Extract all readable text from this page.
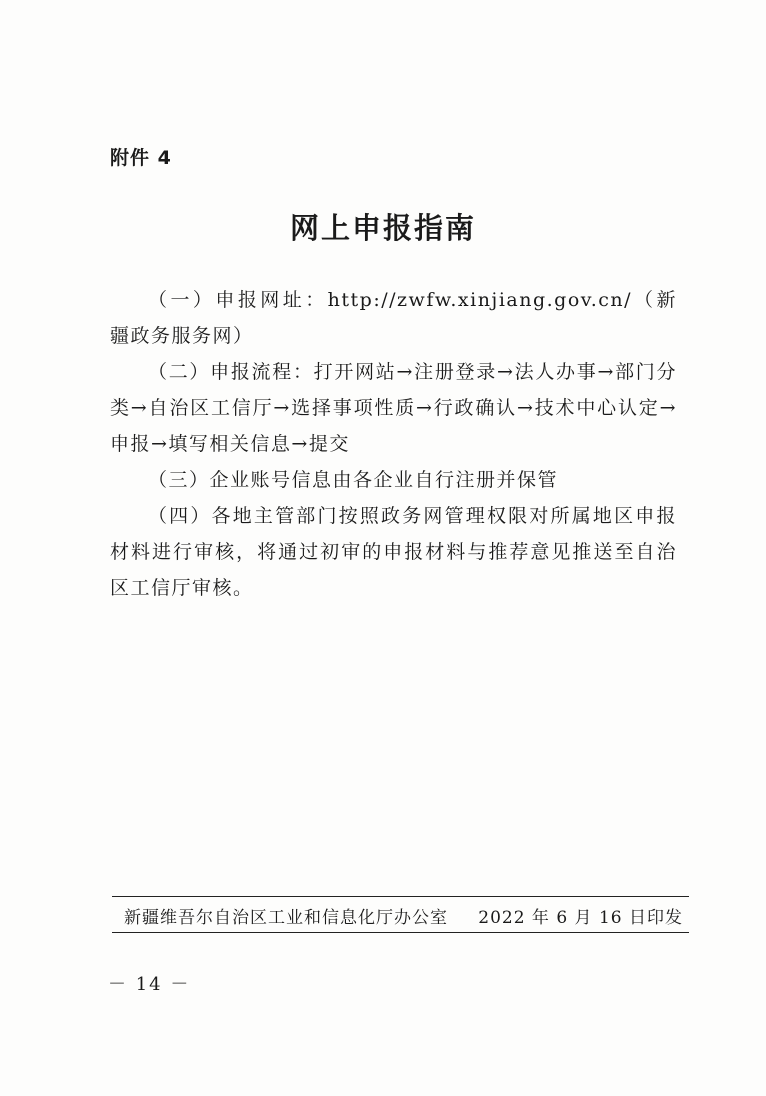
附件 4
网上申报指南

（一）申报网址：http://zwfw.xinjiang.gov.cn/（新疆政务服务网）

（二）申报流程：打开网站→注册登录→法人办事→部门分类→自治区工信厅→选择事项性质→行政确认→技术中心认定→申报→填写相关信息→提交

（三）企业账号信息由各企业自行注册并保管

（四）各地主管部门按照政务网管理权限对所属地区申报材料进行审核，将通过初审的申报材料与推荐意见推送至自治区工信厅审核。

新疆维吾尔自治区工业和信息化厅办公室 2022 年 6 月 16 日印发
－ 14 －
